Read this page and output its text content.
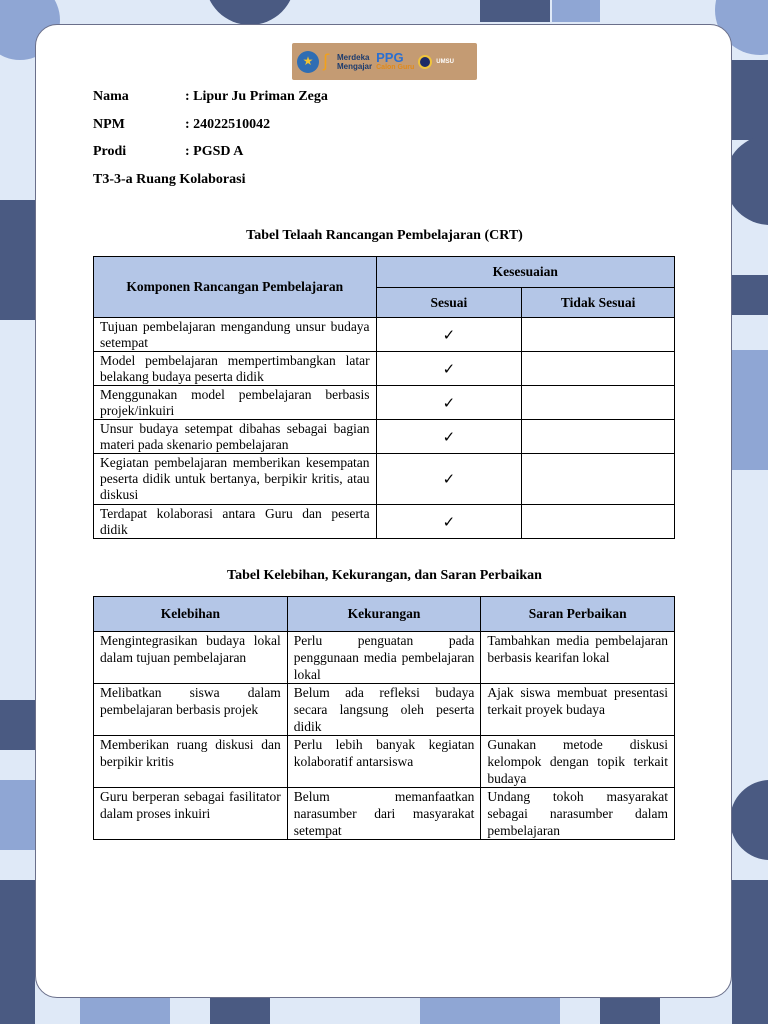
★ ʃ Merdeka
Mengajar
PPG
Calon Guru
UMSU
Nama	: Lipur Ju Priman Zega
NPM	: 24022510042
Prodi	: PGSD A
T3-3-a Ruang Kolaborasi
Tabel Telaah Rancangan Pembelajaran (CRT)
Komponen Rancangan Pembelajaran	Kesesuaian	
	Sesuai	Tidak Sesuai
Tujuan pembelajaran mengandung unsur budaya setempat	✓	
Model pembelajaran mempertimbangkan latar belakang budaya peserta didik	✓	
Menggunakan model pembelajaran berbasis projek/inkuiri	✓	
Unsur budaya setempat dibahas sebagai bagian materi pada skenario pembelajaran	✓	
Kegiatan pembelajaran memberikan kesempatan peserta didik untuk bertanya, berpikir kritis, atau diskusi	✓	
Terdapat kolaborasi antara Guru dan peserta didik	✓	
Tabel Kelebihan, Kekurangan, dan Saran Perbaikan
Kelebihan	Kekurangan	Saran Perbaikan
Mengintegrasikan budaya lokal dalam tujuan pembelajaran	Perlu penguatan pada penggunaan media pembelajaran lokal	Tambahkan media pembelajaran berbasis kearifan lokal
Melibatkan siswa dalam pembelajaran berbasis projek	Belum ada refleksi budaya secara langsung oleh peserta didik	Ajak siswa membuat presentasi terkait proyek budaya
Memberikan ruang diskusi dan berpikir kritis	Perlu lebih banyak kegiatan kolaboratif antarsiswa	Gunakan metode diskusi kelompok dengan topik terkait budaya
Guru berperan sebagai fasilitator dalam proses inkuiri	Belum memanfaatkan narasumber dari masyarakat setempat	Undang tokoh masyarakat sebagai narasumber dalam pembelajaran
